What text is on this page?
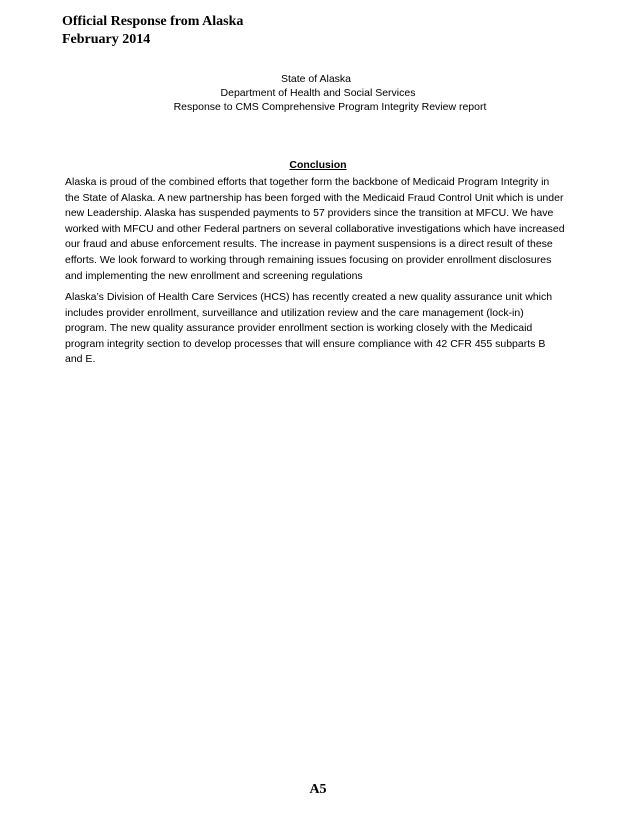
Official Response from Alaska
February 2014
State of Alaska
Department of Health and Social Services
Response to CMS Comprehensive Program Integrity Review report
Conclusion
Alaska is proud of the combined efforts that together form the backbone of Medicaid Program Integrity in
the State of Alaska. A new partnership has been forged with the Medicaid Fraud Control Unit which is under
new Leadership. Alaska has suspended payments to 57 providers since the transition at MFCU. We have
worked with MFCU and other Federal partners on several collaborative investigations which have increased
our fraud and abuse enforcement results. The increase in payment suspensions is a direct result of these
efforts. We look forward to working through remaining issues focusing on provider enrollment disclosures
and implementing the new enrollment and screening regulations
Alaska’s Division of Health Care Services (HCS) has recently created a new quality assurance unit which
includes provider enrollment, surveillance and utilization review and the care management (lock-in)
program. The new quality assurance provider enrollment section is working closely with the Medicaid
program integrity section to develop processes that will ensure compliance with 42 CFR 455 subparts B
and E.
A5
